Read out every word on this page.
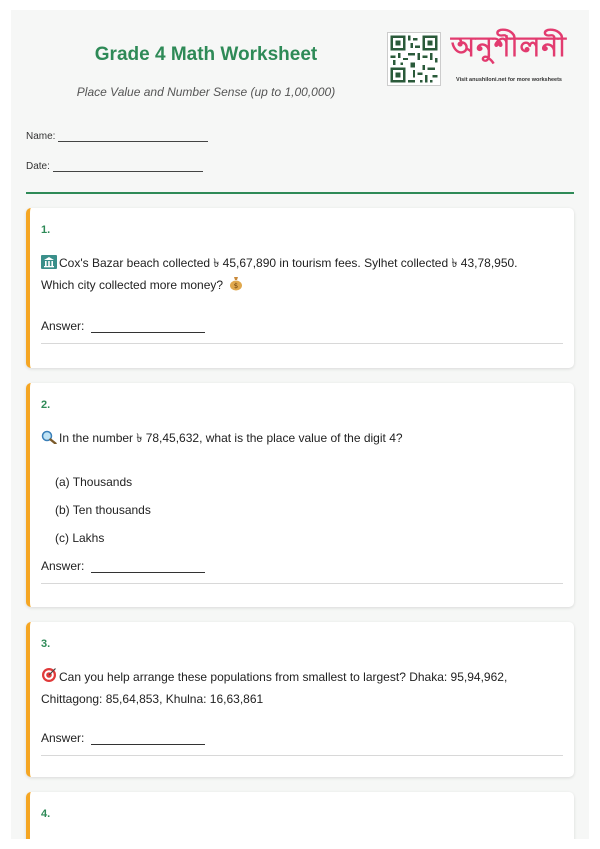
Grade 4 Math Worksheet
Place Value and Number Sense (up to 1,00,000)
অনুশীলনী
Visit anushiloni.net for more worksheets
Name:
Date:
1.
Cox's Bazar beach collected ৳ 45,67,890 in tourism fees. Sylhet collected ৳ 43,78,950.
Which city collected more money? $
Answer:
2.
In the number ৳ 78,45,632, what is the place value of the digit 4?
(a) Thousands
(b) Ten thousands
(c) Lakhs
Answer:
3.
Can you help arrange these populations from smallest to largest? Dhaka: 95,94,962,
Chittagong: 85,64,853, Khulna: 16,63,861
Answer:
4.
